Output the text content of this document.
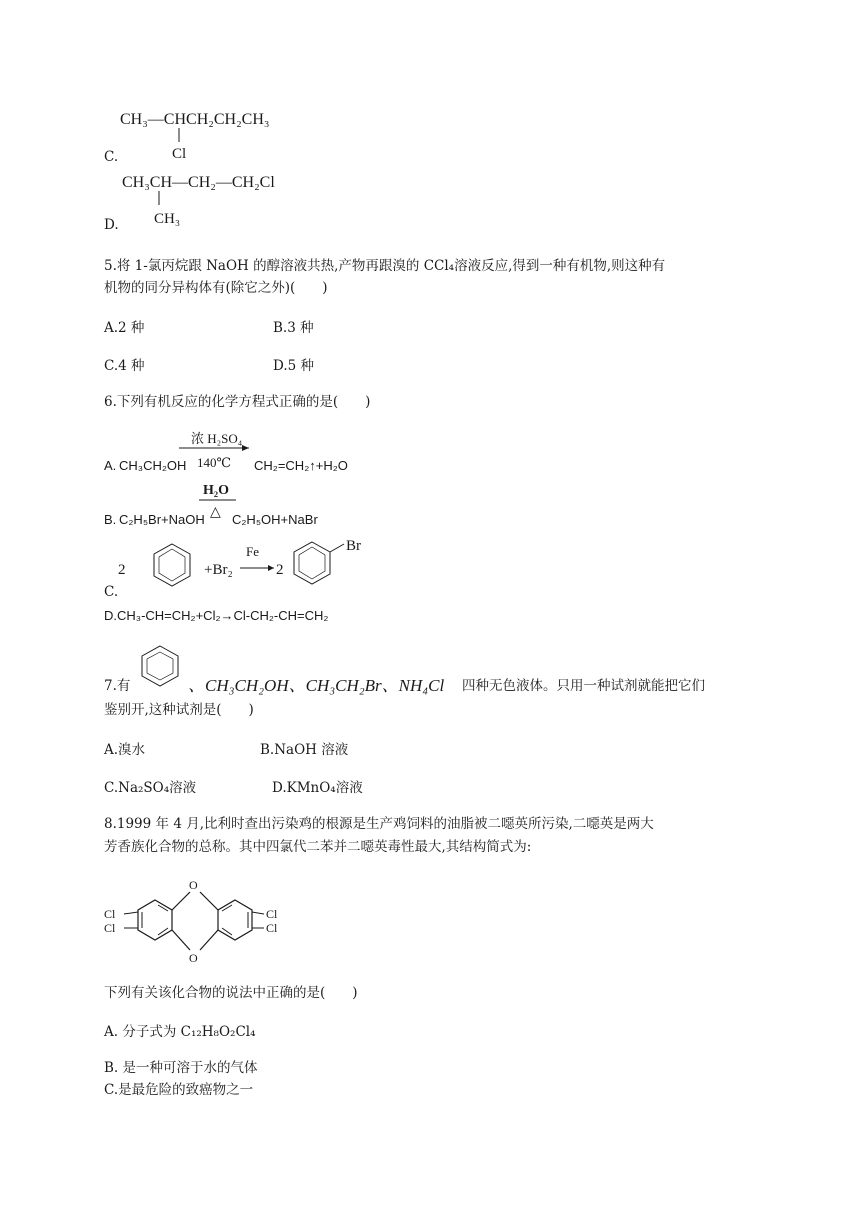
CH₃—CHCH₂CH₂CH₃
Cl
C.
CH₃CH—CH₂—CH₂Cl
CH₃
D.
5.将 1-氯丙烷跟 NaOH 的醇溶液共热,产物再跟溴的 CCl₄溶液反应,得到一种有机物,则这种有
机物的同分异构体有(除它之外)(　　)
A.2 种	B.3 种
C.4 种	D.5 种
6.下列有机反应的化学方程式正确的是(　　)
A. CH₃CH₂OH
浓 H₂SO₄
140℃ CH₂=CH₂↑+H₂O
B. C₂H₅Br+NaOH
H₂O
△ C₂H₅OH+NaBr
2	+Br₂
Fe
2
Br
C.
D.CH₃-CH=CH₂+Cl₂→Cl-CH₂-CH=CH₂
7.有	、CH₃CH₂OH、CH₃CH₂Br、NH₄Cl 四种无色液体。只用一种试剂就能把它们
鉴别开,这种试剂是(　　)
A.溴水	B.NaOH 溶液
C.Na₂SO₄溶液	D.KMnO₄溶液
8.1999 年 4 月,比利时查出污染鸡的根源是生产鸡饲料的油脂被二噁英所污染,二噁英是两大
芳香族化合物的总称。其中四氯代二苯并二噁英毒性最大,其结构简式为:
O
O
Cl
Cl
Cl
Cl
下列有关该化合物的说法中正确的是(　　)
A. 分子式为 C₁₂H₈O₂Cl₄
B. 是一种可溶于水的气体
C.是最危险的致癌物之一
